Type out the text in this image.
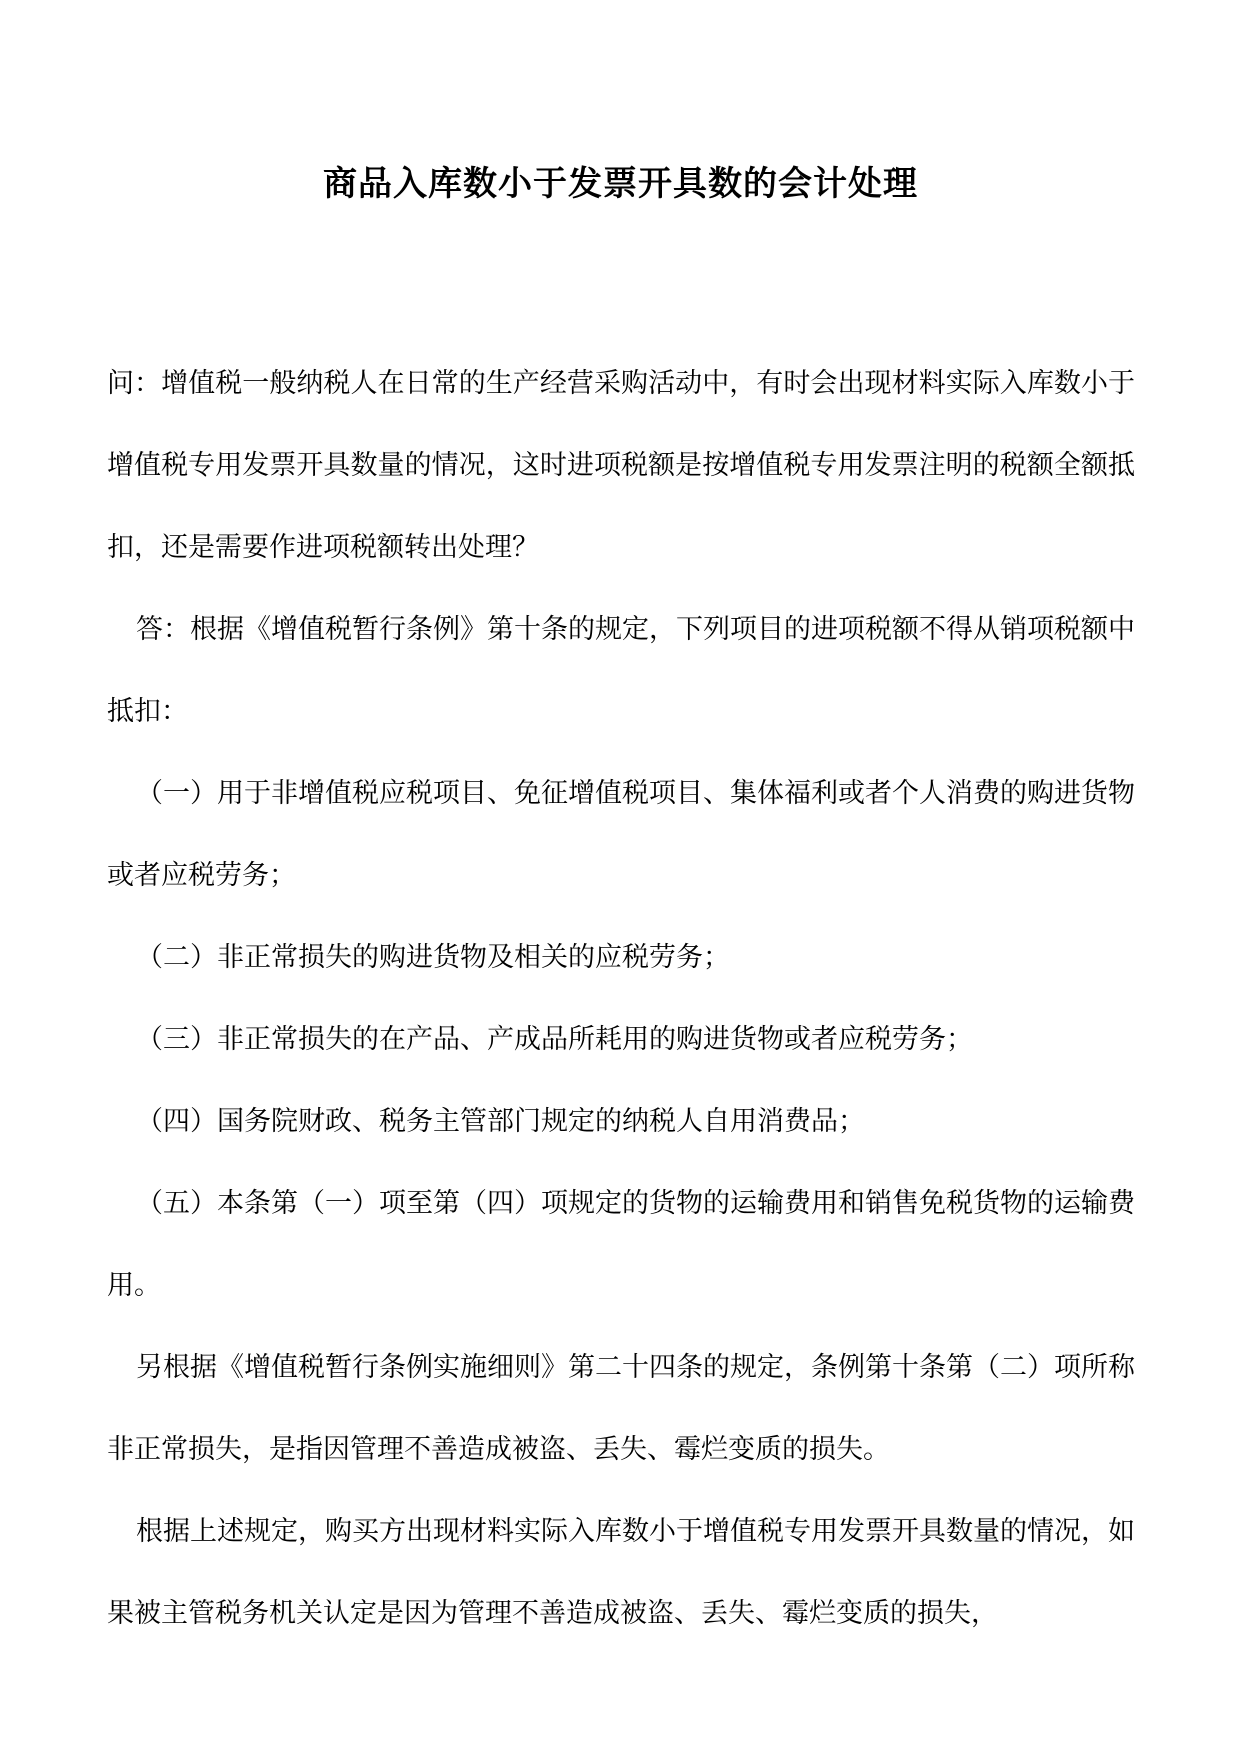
商品入库数小于发票开具数的会计处理

问：增值税一般纳税人在日常的生产经营采购活动中，有时会出现材料实际入库数小于增值税专用发票开具数量的情况，这时进项税额是按增值税专用发票注明的税额全额抵扣，还是需要作进项税额转出处理？

答：根据《增值税暂行条例》第十条的规定，下列项目的进项税额不得从销项税额中抵扣：

（一）用于非增值税应税项目、免征增值税项目、集体福利或者个人消费的购进货物或者应税劳务；

（二）非正常损失的购进货物及相关的应税劳务；

（三）非正常损失的在产品、产成品所耗用的购进货物或者应税劳务；

（四）国务院财政、税务主管部门规定的纳税人自用消费品；

（五）本条第（一）项至第（四）项规定的货物的运输费用和销售免税货物的运输费用。

另根据《增值税暂行条例实施细则》第二十四条的规定，条例第十条第（二）项所称非正常损失，是指因管理不善造成被盗、丢失、霉烂变质的损失。

根据上述规定，购买方出现材料实际入库数小于增值税专用发票开具数量的情况，如果被主管税务机关认定是因为管理不善造成被盗、丢失、霉烂变质的损失，
